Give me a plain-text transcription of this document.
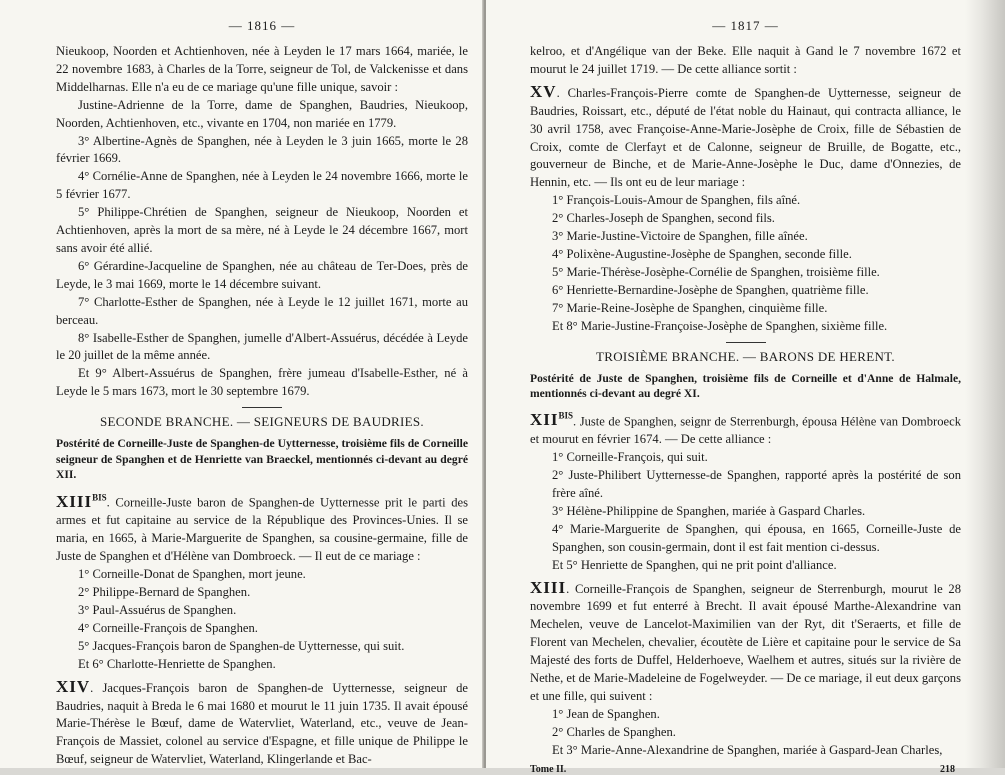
— 1816 —

Nieukoop, Noorden et Achtienhoven, née à Leyden le 17 mars 1664, mariée, le 22 novembre 1683, à Charles de la Torre, seigneur de Tol, de Valckenisse et dans Middelharnas. Elle n'a eu de ce mariage qu'une fille unique, savoir :

Justine-Adrienne de la Torre, dame de Spanghen, Baudries, Nieukoop, Noorden, Achtienhoven, etc., vivante en 1704, non mariée en 1779.

3° Albertine-Agnès de Spanghen, née à Leyden le 3 juin 1665, morte le 28 février 1669.

4° Cornélie-Anne de Spanghen, née à Leyden le 24 novembre 1666, morte le 5 février 1677.

5° Philippe-Chrétien de Spanghen, seigneur de Nieukoop, Noorden et Achtienhoven, après la mort de sa mère, né à Leyde le 24 décembre 1667, mort sans avoir été allié.

6° Gérardine-Jacqueline de Spanghen, née au château de Ter-Does, près de Leyde, le 3 mai 1669, morte le 14 décembre suivant.

7° Charlotte-Esther de Spanghen, née à Leyde le 12 juillet 1671, morte au berceau.

8° Isabelle-Esther de Spanghen, jumelle d'Albert-Assuérus, décédée à Leyde le 20 juillet de la même année.

Et 9° Albert-Assuérus de Spanghen, frère jumeau d'Isabelle-Esther, né à Leyde le 5 mars 1673, mort le 30 septembre 1679.

SECONDE BRANCHE. — SEIGNEURS DE BAUDRIES.
Postérité de Corneille-Juste de Spanghen-de Uytternesse, troisième fils de Corneille seigneur de Spanghen et de Henriette van Braeckel, mentionnés ci-devant au degré XII.

$XIII^{BIS}$. Corneille-Juste baron de Spanghen-de Uytternesse prit le parti des armes et fut capitaine au service de la République des Provinces-Unies. Il se maria, en 1665, à Marie-Marguerite de Spanghen, sa cousine-germaine, fille de Juste de Spanghen et d'Hélène van Dombroeck. — Il eut de ce mariage :

1° Corneille-Donat de Spanghen, mort jeune.

2° Philippe-Bernard de Spanghen.

3° Paul-Assuérus de Spanghen.

4° Corneille-François de Spanghen.

5° Jacques-François baron de Spanghen-de Uytternesse, qui suit.

Et 6° Charlotte-Henriette de Spanghen.

XIV. Jacques-François baron de Spanghen-de Uytternesse, seigneur de Baudries, naquit à Breda le 6 mai 1680 et mourut le 11 juin 1735. Il avait épousé Marie-Thérèse le Bœuf, dame de Watervliet, Waterland, etc., veuve de Jean-François de Massiet, colonel au service d'Espagne, et fille unique de Philippe le Bœuf, seigneur de Watervliet, Waterland, Klingerlande et Bac-

— 1817 —

kelroo, et d'Angélique van der Beke. Elle naquit à Gand le 7 novembre 1672 et mourut le 24 juillet 1719. — De cette alliance sortit :

XV. Charles-François-Pierre comte de Spanghen-de Uytternesse, seigneur de Baudries, Roissart, etc., député de l'état noble du Hainaut, qui contracta alliance, le 30 avril 1758, avec Françoise-Anne-Marie-Josèphe de Croix, fille de Sébastien de Croix, comte de Clerfayt et de Calonne, seigneur de Bruille, de Bogatte, etc., gouverneur de Binche, et de Marie-Anne-Josèphe le Duc, dame d'Onnezies, de Hennin, etc. — Ils ont eu de leur mariage :

1° François-Louis-Amour de Spanghen, fils aîné.

2° Charles-Joseph de Spanghen, second fils.

3° Marie-Justine-Victoire de Spanghen, fille aînée.

4° Polixène-Augustine-Josèphe de Spanghen, seconde fille.

5° Marie-Thérèse-Josèphe-Cornélie de Spanghen, troisième fille.

6° Henriette-Bernardine-Josèphe de Spanghen, quatrième fille.

7° Marie-Reine-Josèphe de Spanghen, cinquième fille.

Et 8° Marie-Justine-Françoise-Josèphe de Spanghen, sixième fille.

TROISIÈME BRANCHE. — BARONS DE HERENT.
Postérité de Juste de Spanghen, troisième fils de Corneille et d'Anne de Halmale, mentionnés ci-devant au degré XI.

$XII^{BIS}$. Juste de Spanghen, seignr de Sterrenburgh, épousa Hélène van Dombroeck et mourut en février 1674. — De cette alliance :

1° Corneille-François, qui suit.

2° Juste-Philibert Uytternesse-de Spanghen, rapporté après la postérité de son frère aîné.

3° Hélène-Philippine de Spanghen, mariée à Gaspard Charles.

4° Marie-Marguerite de Spanghen, qui épousa, en 1665, Corneille-Juste de Spanghen, son cousin-germain, dont il est fait mention ci-dessus.

Et 5° Henriette de Spanghen, qui ne prit point d'alliance.

XIII. Corneille-François de Spanghen, seigneur de Sterrenburgh, mourut le 28 novembre 1699 et fut enterré à Brecht. Il avait épousé Marthe-Alexandrine van Mechelen, veuve de Lancelot-Maximilien van der Ryt, dit t'Seraerts, et fille de Florent van Mechelen, chevalier, écoutète de Lière et capitaine pour le service de Sa Majesté des forts de Duffel, Helderhoeve, Waelhem et autres, situés sur la rivière de Nethe, et de Marie-Madeleine de Fogelweyder. — De ce mariage, il eut deux garçons et une fille, qui suivent :

1° Jean de Spanghen.

2° Charles de Spanghen.

Et 3° Marie-Anne-Alexandrine de Spanghen, mariée à Gaspard-Jean Charles,

Tome II.	218
